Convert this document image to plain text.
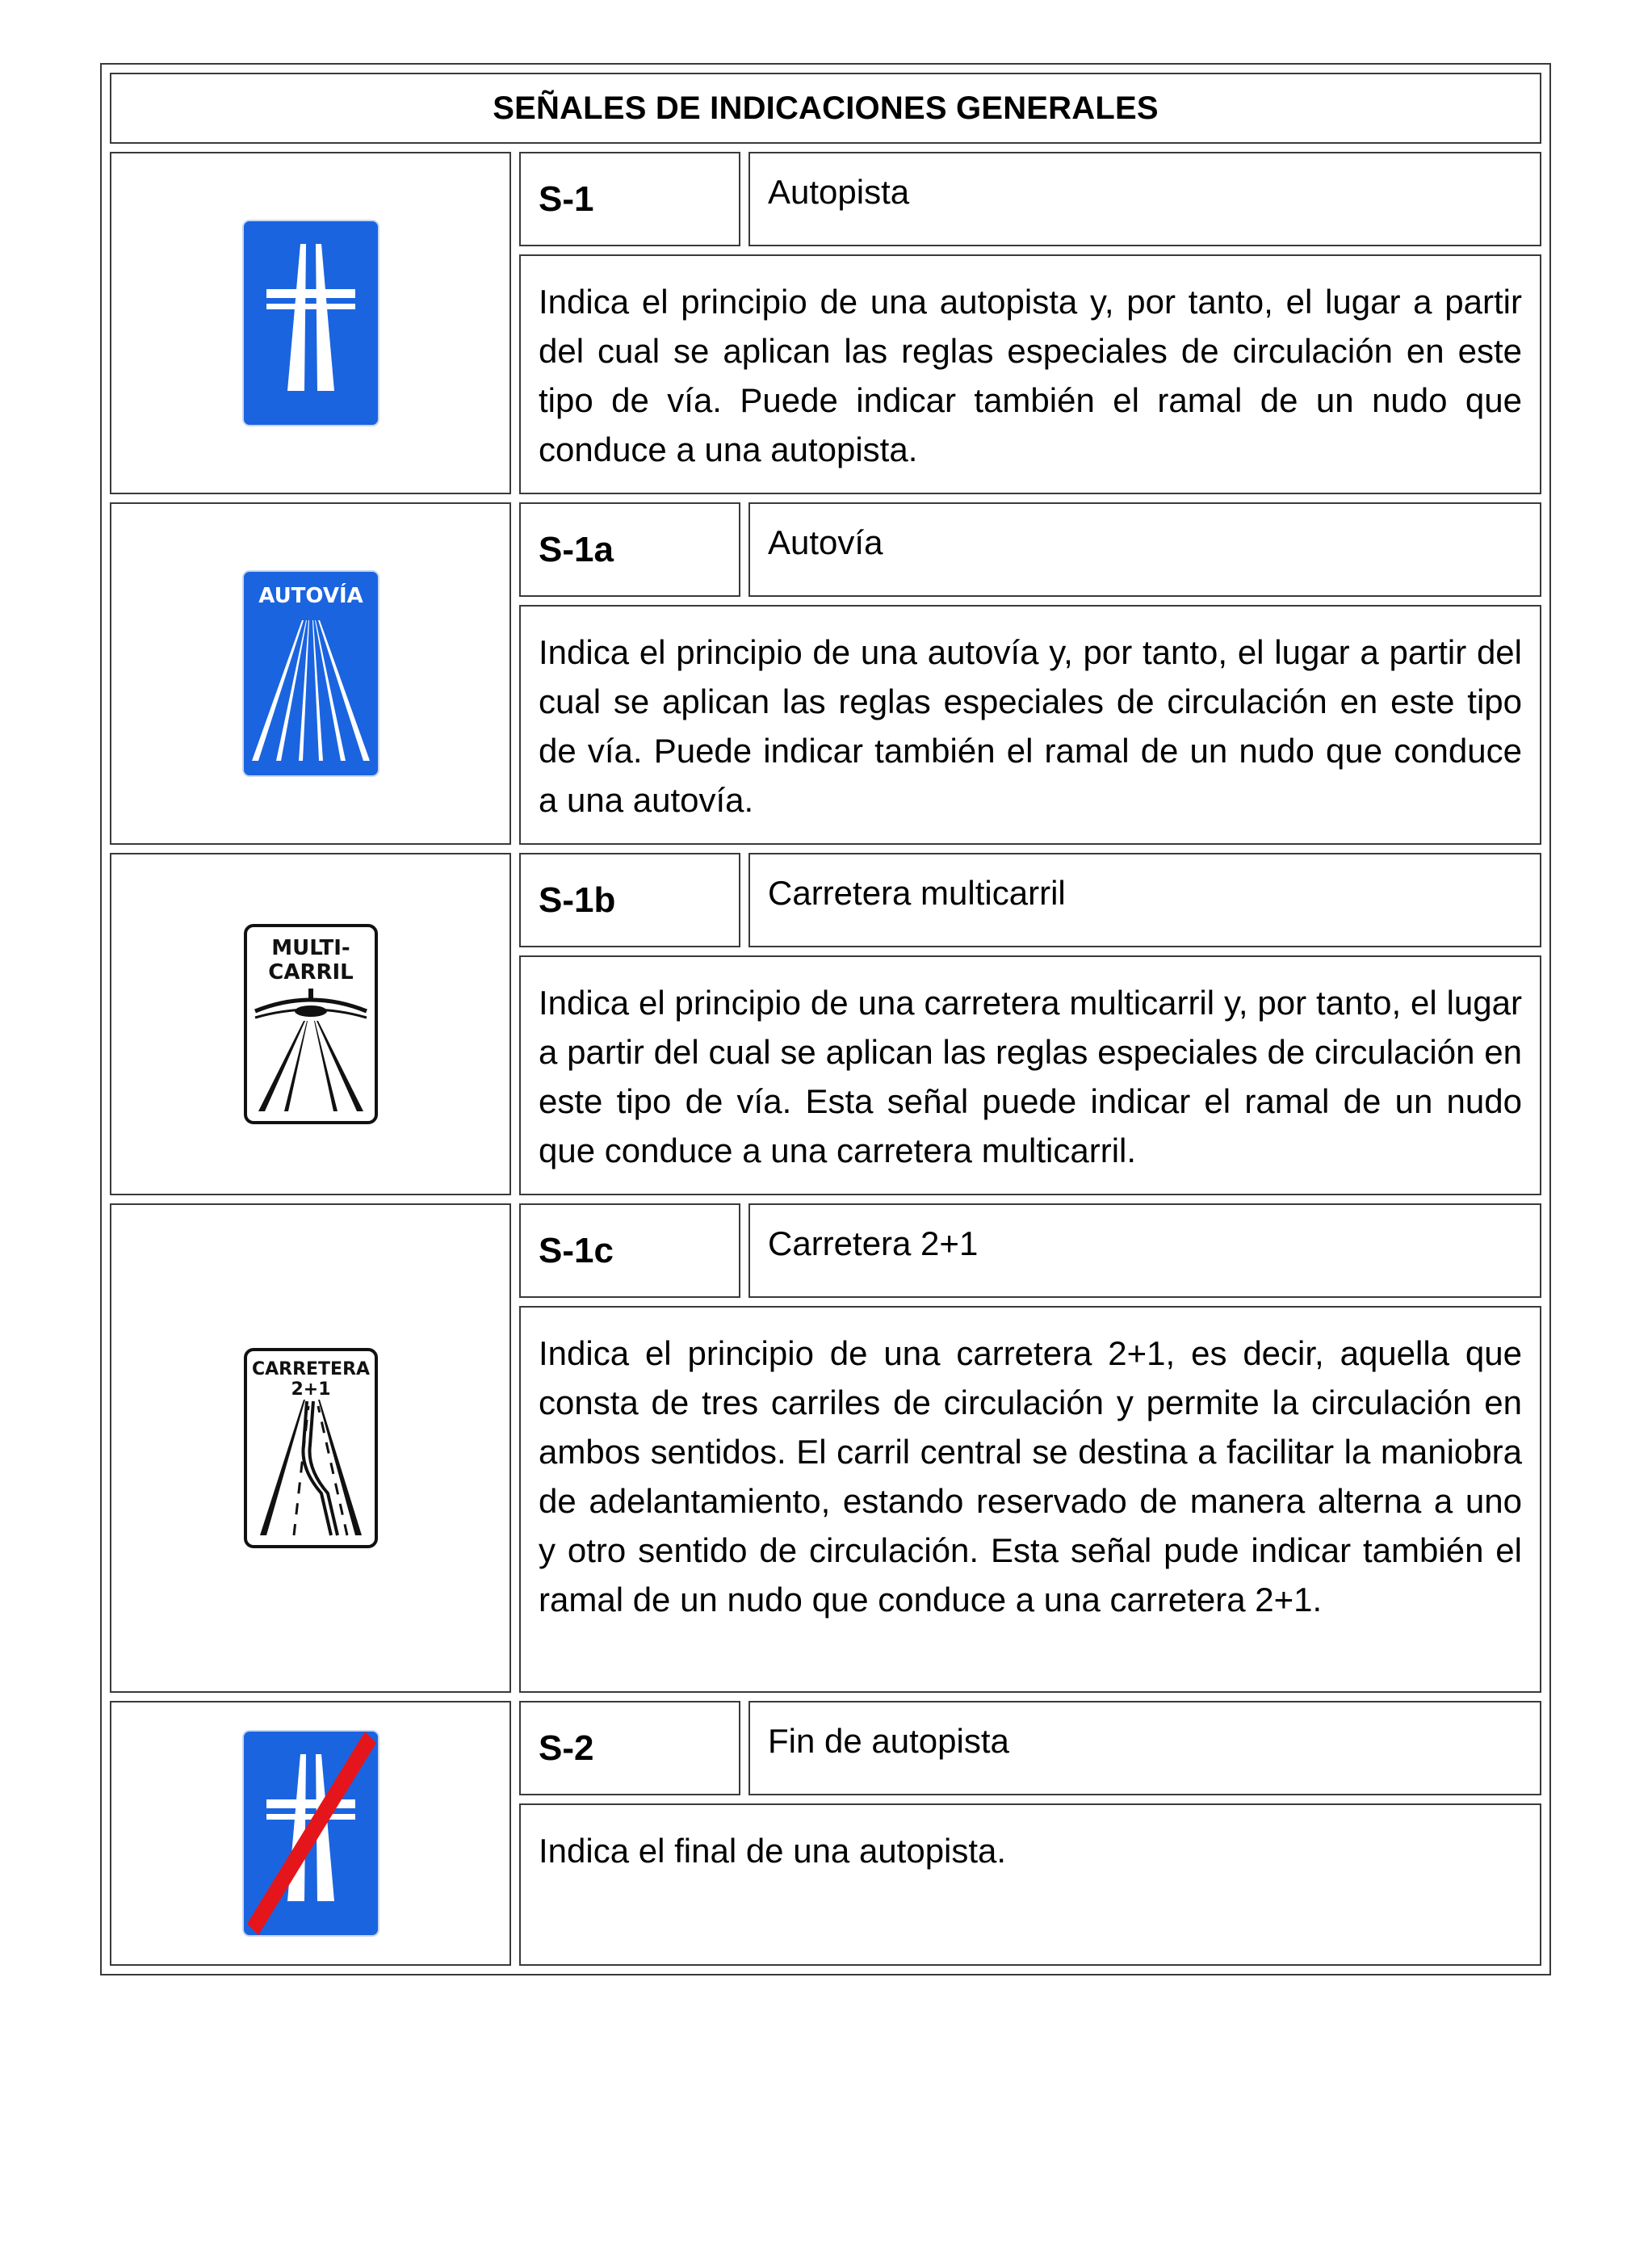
SEÑALES DE INDICACIONES GENERALES
S-1	Autopista
Indica el principio de una autopista y, por tanto, el lugar a partir del cual se aplican las reglas especiales de circulación en este tipo de vía. Puede indicar también el ramal de un nudo que conduce a una autopista.
AUTOVÍA
S-1a	Autovía
Indica el principio de una autovía y, por tanto, el lugar a partir del cual se aplican las reglas especiales de circulación en este tipo de vía. Puede indicar también el ramal de un nudo que conduce a una autovía.
MULTI-
CARRIL
S-1b	Carretera multicarril
Indica el principio de una carretera multicarril y, por tanto, el lugar a partir del cual se aplican las reglas especiales de circulación en este tipo de vía. Esta señal puede indicar el ramal de un nudo que conduce a una carretera multicarril.
CARRETERA
2+1
S-1c	Carretera 2+1
Indica el principio de una carretera 2+1, es decir, aquella que consta de tres carriles de circulación y permite la circulación en ambos sentidos. El carril central se destina a facilitar la maniobra de adelantamiento, estando reservado de manera alterna a uno y otro sentido de circulación. Esta señal pude indicar también el ramal de un nudo que conduce a una carretera 2+1.
S-2	Fin de autopista
Indica el final de una autopista.
